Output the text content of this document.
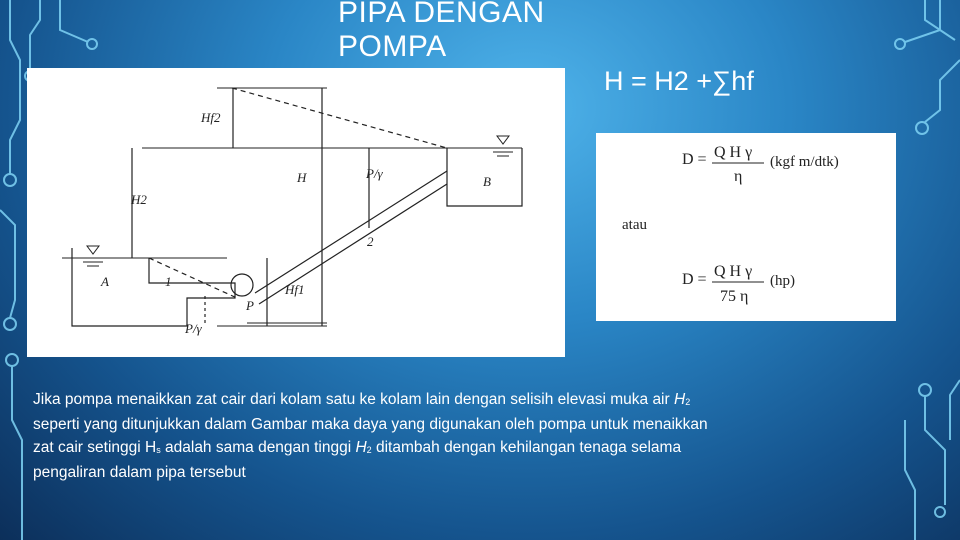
PIPA DENGAN POMPA
H = H2 +∑hf
Hf2
H	P/γ
B
H2
A	1
2
P
Hf1
P/γ
D = Q H γ
η
(kgf m/dtk)
atau
D = Q H γ
75 η
(hp)
Jika pompa menaikkan zat cair dari kolam satu ke kolam lain dengan selisih elevasi muka air $H_2$ seperti yang ditunjukkan dalam Gambar maka daya yang digunakan oleh pompa untuk menaikkan zat cair setinggi $H_s$ adalah sama dengan tinggi $H_2$ ditambah dengan kehilangan tenaga selama pengaliran dalam pipa tersebut
